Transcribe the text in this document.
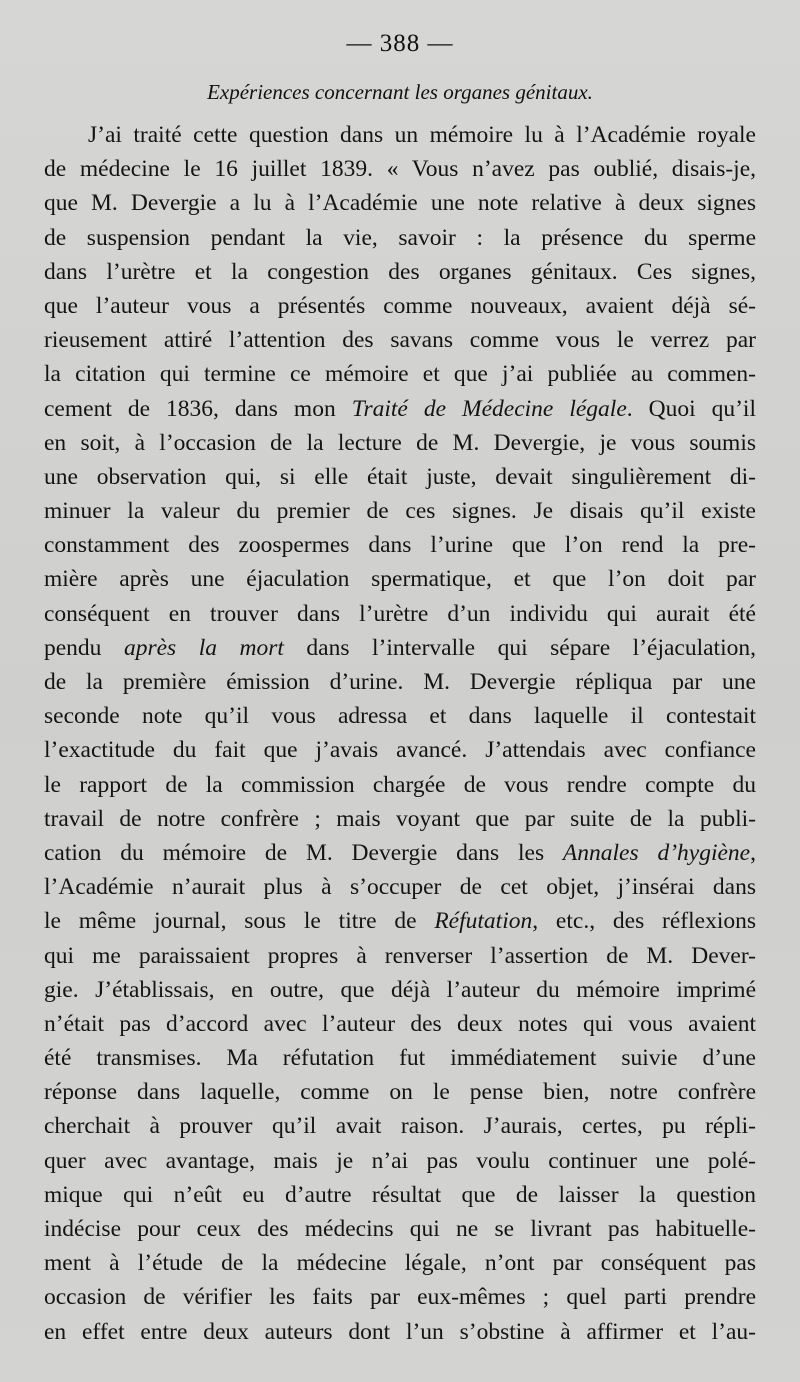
— 388 —
Expériences concernant les organes génitaux.
J’ai traité cette question dans un mémoire lu à l’Académie royale
de médecine le 16 juillet 1839. « Vous n’avez pas oublié, disais-je,
que M. Devergie a lu à l’Académie une note relative à deux signes
de suspension pendant la vie, savoir : la présence du sperme
dans l’urètre et la congestion des organes génitaux. Ces signes,
que l’auteur vous a présentés comme nouveaux, avaient déjà sé-
rieusement attiré l’attention des savans comme vous le verrez par
la citation qui termine ce mémoire et que j’ai publiée au commen-
cement de 1836, dans mon Traité de Médecine légale. Quoi qu’il
en soit, à l’occasion de la lecture de M. Devergie, je vous soumis
une observation qui, si elle était juste, devait singulièrement di-
minuer la valeur du premier de ces signes. Je disais qu’il existe
constamment des zoospermes dans l’urine que l’on rend la pre-
mière après une éjaculation spermatique, et que l’on doit par
conséquent en trouver dans l’urètre d’un individu qui aurait été
pendu après la mort dans l’intervalle qui sépare l’éjaculation,
de la première émission d’urine. M. Devergie répliqua par une
seconde note qu’il vous adressa et dans laquelle il contestait
l’exactitude du fait que j’avais avancé. J’attendais avec confiance
le rapport de la commission chargée de vous rendre compte du
travail de notre confrère ; mais voyant que par suite de la publi-
cation du mémoire de M. Devergie dans les Annales d’hygiène,
l’Académie n’aurait plus à s’occuper de cet objet, j’insérai dans
le même journal, sous le titre de Réfutation, etc., des réflexions
qui me paraissaient propres à renverser l’assertion de M. Dever-
gie. J’établissais, en outre, que déjà l’auteur du mémoire imprimé
n’était pas d’accord avec l’auteur des deux notes qui vous avaient
été transmises. Ma réfutation fut immédiatement suivie d’une
réponse dans laquelle, comme on le pense bien, notre confrère
cherchait à prouver qu’il avait raison. J’aurais, certes, pu répli-
quer avec avantage, mais je n’ai pas voulu continuer une polé-
mique qui n’eût eu d’autre résultat que de laisser la question
indécise pour ceux des médecins qui ne se livrant pas habituelle-
ment à l’étude de la médecine légale, n’ont par conséquent pas
occasion de vérifier les faits par eux-mêmes ; quel parti prendre
en effet entre deux auteurs dont l’un s’obstine à affirmer et l’au-
